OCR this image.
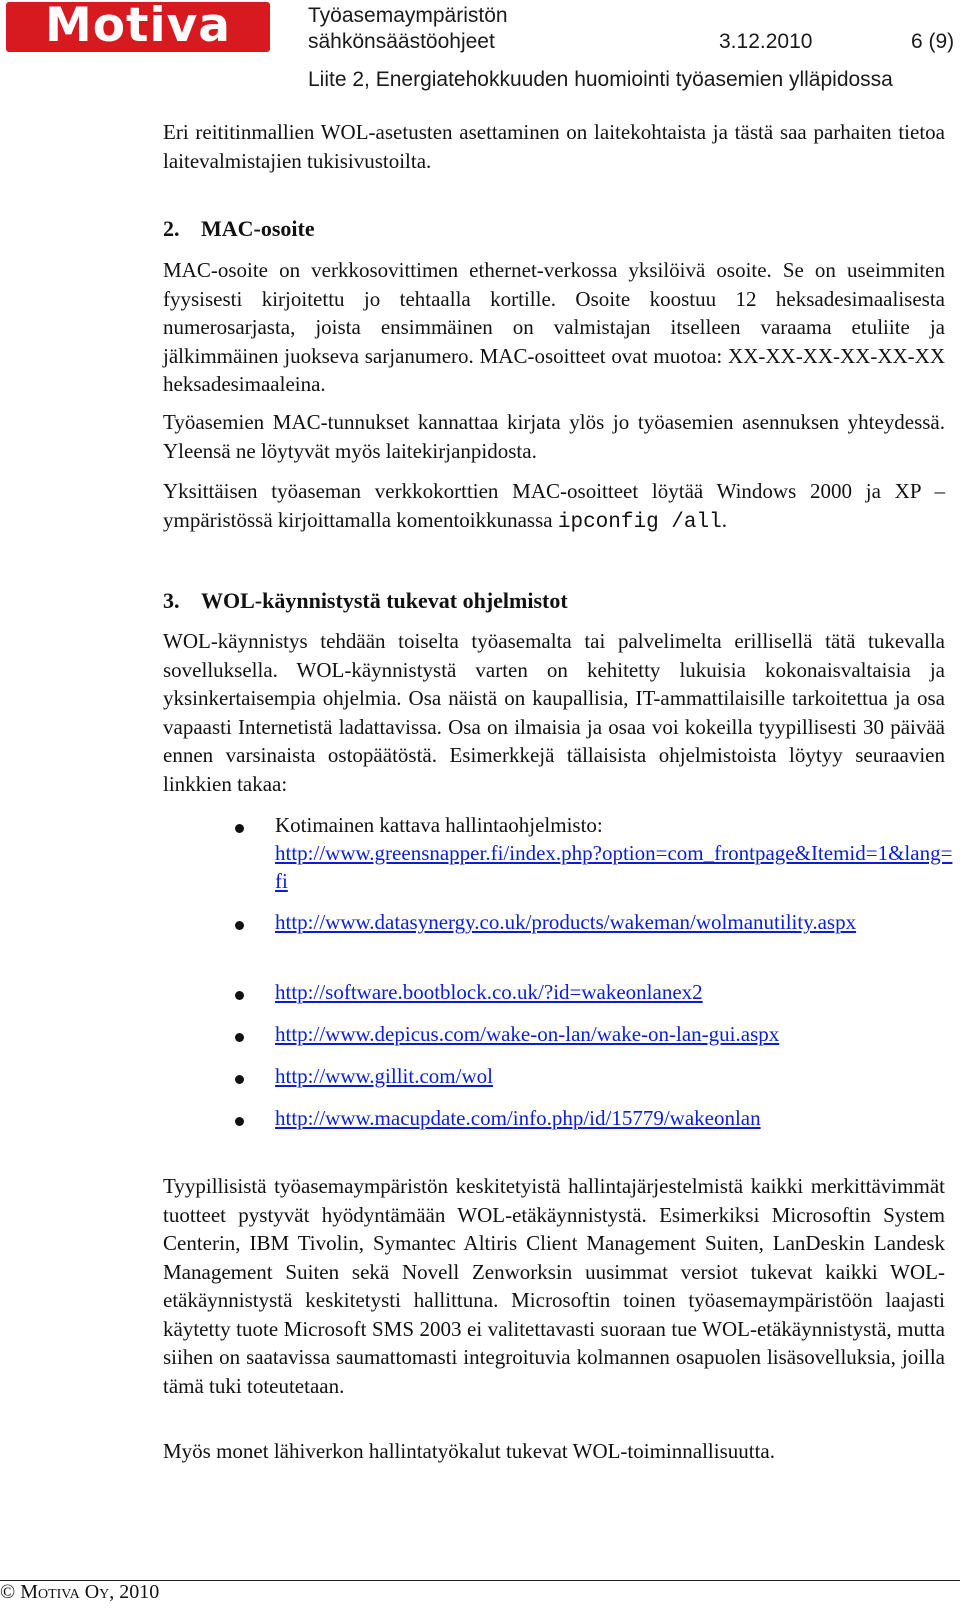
Motiva	Työasemaympäristön
sähkönsäästöohjeet	3.12.2010	6 (9)
Liite 2, Energiatehokkuuden huomiointi työasemien ylläpidossa
Eri reititinmallien WOL-asetusten asettaminen on laitekohtaista ja tästä saa parhaiten tietoa laitevalmistajien tukisivustoilta.
2. MAC-osoite
MAC-osoite on verkkosovittimen ethernet-verkossa yksilöivä osoite. Se on useimmiten fyysisesti kirjoitettu jo tehtaalla kortille. Osoite koostuu 12 heksadesimaalisesta numerosarjasta, joista ensimmäinen on valmistajan itselleen varaama etuliite ja jälkimmäinen juokseva sarjanumero. MAC-osoitteet ovat muotoa: XX-XX-XX-XX-XX-XX heksadesimaaleina.
Työasemien MAC-tunnukset kannattaa kirjata ylös jo työasemien asennuksen yhteydessä. Yleensä ne löytyvät myös laitekirjanpidosta.
Yksittäisen työaseman verkkokorttien MAC-osoitteet löytää Windows 2000 ja XP –ympäristössä kirjoittamalla komentoikkunassa ipconfig /all.
3. WOL-käynnistystä tukevat ohjelmistot
WOL-käynnistys tehdään toiselta työasemalta tai palvelimelta erillisellä tätä tukevalla sovelluksella. WOL-käynnistystä varten on kehitetty lukuisia kokonaisvaltaisia ja yksinkertaisempia ohjelmia. Osa näistä on kaupallisia, IT-ammattilaisille tarkoitettua ja osa vapaasti Internetistä ladattavissa. Osa on ilmaisia ja osaa voi kokeilla tyypillisesti 30 päivää ennen varsinaista ostopäätöstä. Esimerkkejä tällaisista ohjelmistoista löytyy seuraavien linkkien takaa:
Kotimainen kattava hallintaohjelmisto:
http://www.greensnapper.fi/index.php?option=com_frontpage&Itemid=1&lang=fi
http://www.datasynergy.co.uk/products/wakeman/wolmanutility.aspx
http://software.bootblock.co.uk/?id=wakeonlanex2
http://www.depicus.com/wake-on-lan/wake-on-lan-gui.aspx
http://www.gillit.com/wol
http://www.macupdate.com/info.php/id/15779/wakeonlan
Tyypillisistä työasemaympäristön keskitetyistä hallintajärjestelmistä kaikki merkittävimmät tuotteet pystyvät hyödyntämään WOL-etäkäynnistystä. Esimerkiksi Microsoftin System Centerin, IBM Tivolin, Symantec Altiris Client Management Suiten, LanDeskin Landesk Management Suiten sekä Novell Zenworksin uusimmat versiot tukevat kaikki WOL-etäkäynnistystä keskitetysti hallittuna. Microsoftin toinen työasemaympäristöön laajasti käytetty tuote Microsoft SMS 2003 ei valitettavasti suoraan tue WOL-etäkäynnistystä, mutta siihen on saatavissa saumattomasti integroituvia kolmannen osapuolen lisäsovelluksia, joilla tämä tuki toteutetaan.
Myös monet lähiverkon hallintatyökalut tukevat WOL-toiminnallisuutta.
© Motiva Oy, 2010
